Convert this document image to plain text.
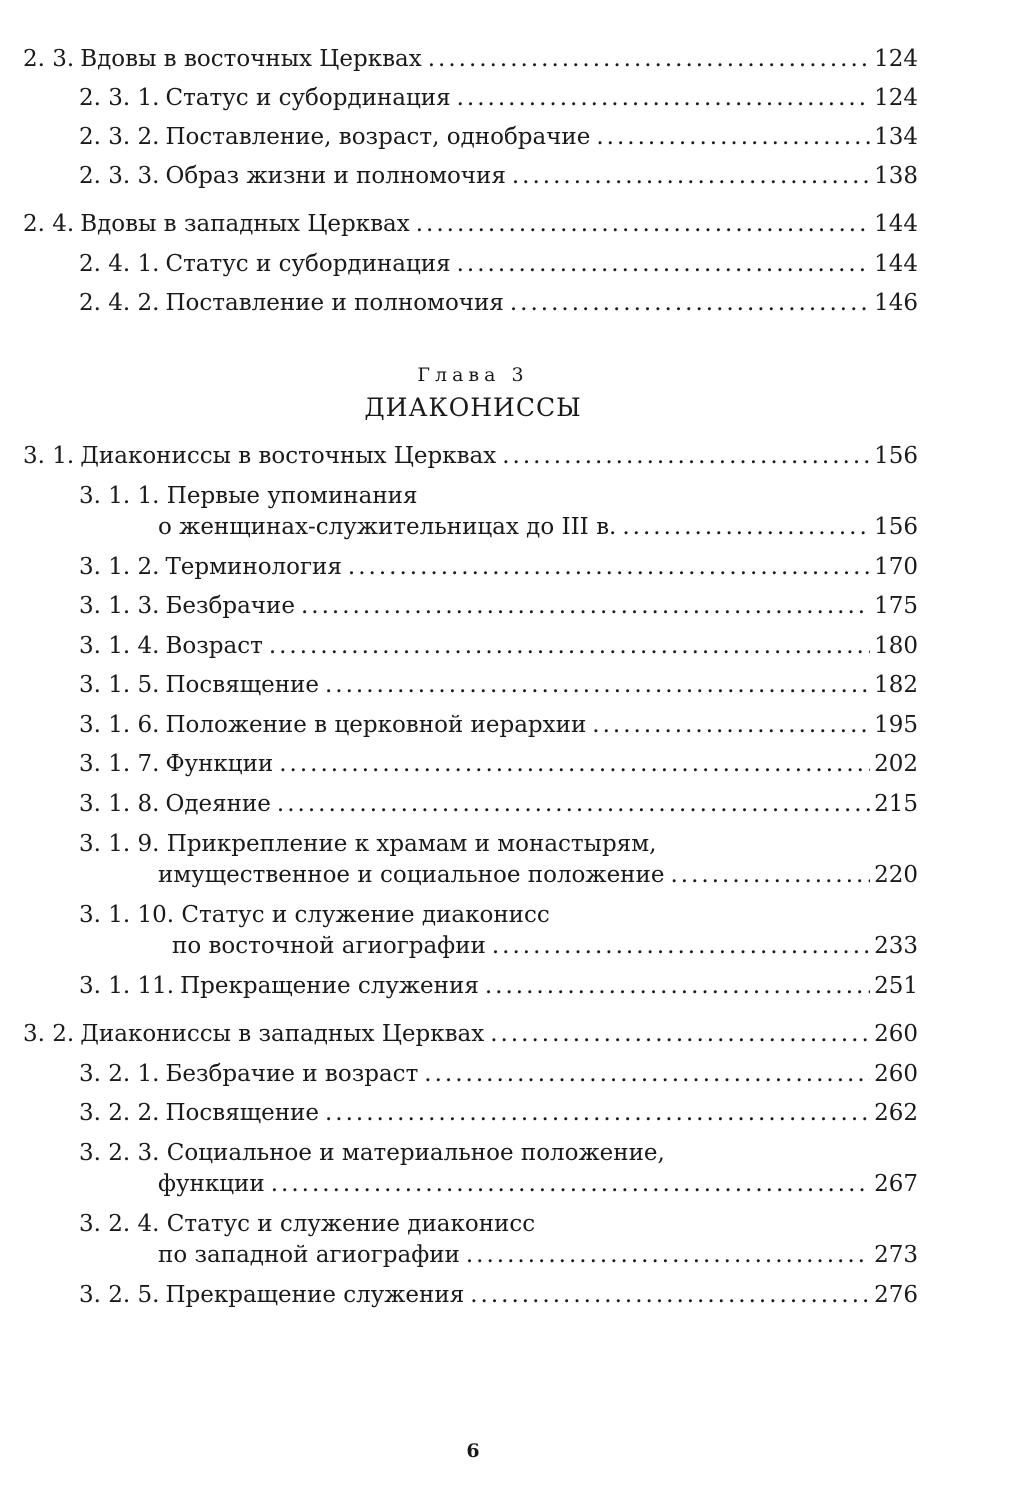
2. 3. Вдовы в восточных Церквах .....	124
2. 3. 1. Статус и субординация .....	124
2. 3. 2. Поставление, возраст, однобрачие .....	134
2. 3. 3. Образ жизни и полномочия .....	138
2. 4. Вдовы в западных Церквах .....	144
2. 4. 1. Статус и субординация .....	144
2. 4. 2. Поставление и полномочия .....	146
Глава 3
ДИАКОНИССЫ
3. 1. Диакониссы в восточных Церквах .....	156
3. 1. 1. Первые упоминания
о женщинах-служительницах до III в. .....	156
3. 1. 2. Терминология .....	170
3. 1. 3. Безбрачие .....	175
3. 1. 4. Возраст .....	180
3. 1. 5. Посвящение .....	182
3. 1. 6. Положение в церковной иерархии .....	195
3. 1. 7. Функции .....	202
3. 1. 8. Одеяние .....	215
3. 1. 9. Прикрепление к храмам и монастырям,
имущественное и социальное положение .....	220
3. 1. 10. Статус и служение диаконисс
по восточной агиографии .....	233
3. 1. 11. Прекращение служения .....	251
3. 2. Диакониссы в западных Церквах .....	260
3. 2. 1. Безбрачие и возраст .....	260
3. 2. 2. Посвящение .....	262
3. 2. 3. Социальное и материальное положение,
функции .....	267
3. 2. 4. Статус и служение диаконисс
по западной агиографии .....	273
3. 2. 5. Прекращение служения .....	276
6
